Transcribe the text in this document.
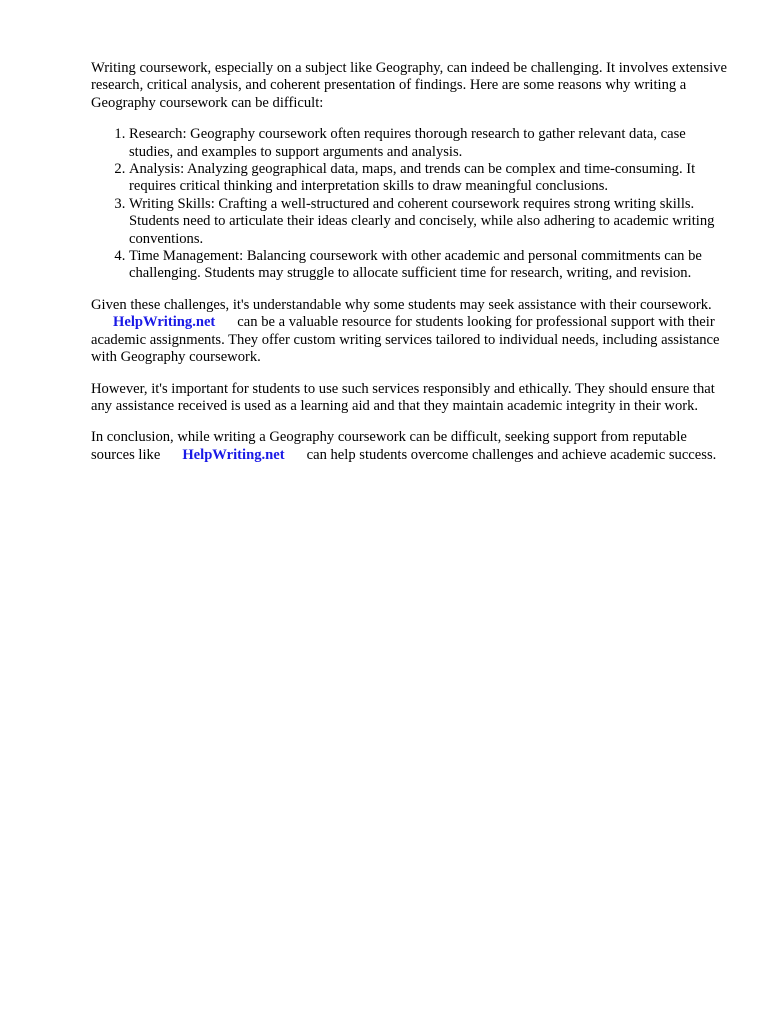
Writing coursework, especially on a subject like Geography, can indeed be challenging. It involves extensive research, critical analysis, and coherent presentation of findings. Here are some reasons why writing a Geography coursework can be difficult:

1. Research: Geography coursework often requires thorough research to gather relevant data, case studies, and examples to support arguments and analysis.
2. Analysis: Analyzing geographical data, maps, and trends can be complex and time-consuming. It requires critical thinking and interpretation skills to draw meaningful conclusions.
3. Writing Skills: Crafting a well-structured and coherent coursework requires strong writing skills. Students need to articulate their ideas clearly and concisely, while also adhering to academic writing conventions.
4. Time Management: Balancing coursework with other academic and personal commitments can be challenging. Students may struggle to allocate sufficient time for research, writing, and revision.

Given these challenges, it's understandable why some students may seek assistance with their coursework.HelpWriting.net can be a valuable resource for students looking for professional support with their academic assignments. They offer custom writing services tailored to individual needs, including assistance with Geography coursework.

However, it's important for students to use such services responsibly and ethically. They should ensure that any assistance received is used as a learning aid and that they maintain academic integrity in their work.

In conclusion, while writing a Geography coursework can be difficult, seeking support from reputable sources like HelpWriting.net can help students overcome challenges and achieve academic success.
